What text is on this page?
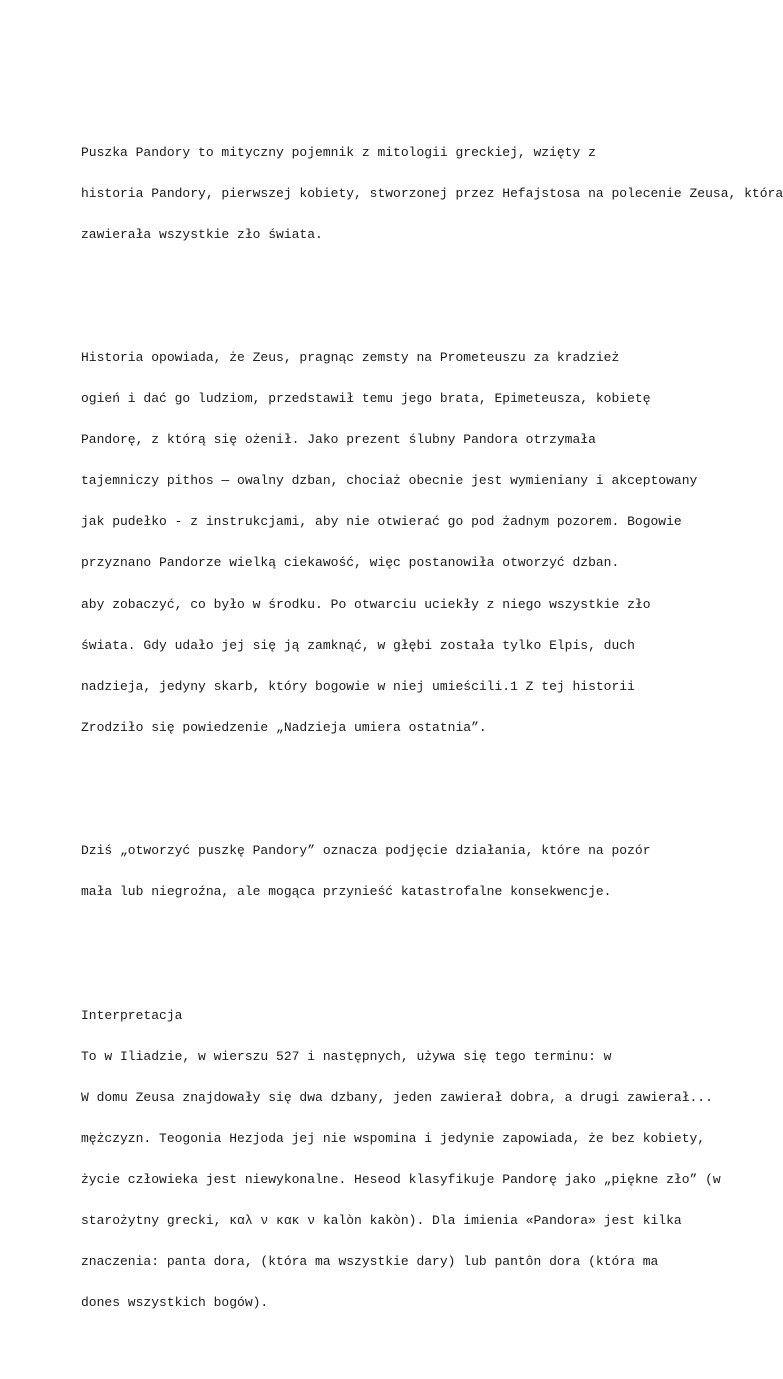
Puszka Pandory to mityczny pojemnik z mitologii greckiej, wzięty z

historia Pandory, pierwszej kobiety, stworzonej przez Hefajstosa na polecenie Zeusa, która

zawierała wszystkie zło świata.

Historia opowiada, że Zeus, pragnąc zemsty na Prometeuszu za kradzież

ogień i dać go ludziom, przedstawił temu jego brata, Epimeteusza, kobietę

Pandorę, z którą się ożenił. Jako prezent ślubny Pandora otrzymała

tajemniczy pithos — owalny dzban, chociaż obecnie jest wymieniany i akceptowany

jak pudełko - z instrukcjami, aby nie otwierać go pod żadnym pozorem. Bogowie

przyznano Pandorze wielką ciekawość, więc postanowiła otworzyć dzban.

aby zobaczyć, co było w środku. Po otwarciu uciekły z niego wszystkie zło

świata. Gdy udało jej się ją zamknąć, w głębi została tylko Elpis, duch

nadzieja, jedyny skarb, który bogowie w niej umieścili.1 Z tej historii

Zrodziło się powiedzenie „Nadzieja umiera ostatnia”.

Dziś „otworzyć puszkę Pandory” oznacza podjęcie działania, które na pozór

mała lub niegroźna, ale mogąca przynieść katastrofalne konsekwencje.

Interpretacja

To w Iliadzie, w wierszu 527 i następnych, używa się tego terminu: w

W domu Zeusa znajdowały się dwa dzbany, jeden zawierał dobra, a drugi zawierał...

mężczyzn. Teogonia Hezjoda jej nie wspomina i jedynie zapowiada, że bez kobiety,

życie człowieka jest niewykonalne. Heseod klasyfikuje Pandorę jako „piękne zło” (w

starożytny grecki, καλ ν κακ ν kalòn kakòn). Dla imienia «Pandora» jest kilka

znaczenia: panta dora, (która ma wszystkie dary) lub pantôn dora (która ma

dones wszystkich bogów).
